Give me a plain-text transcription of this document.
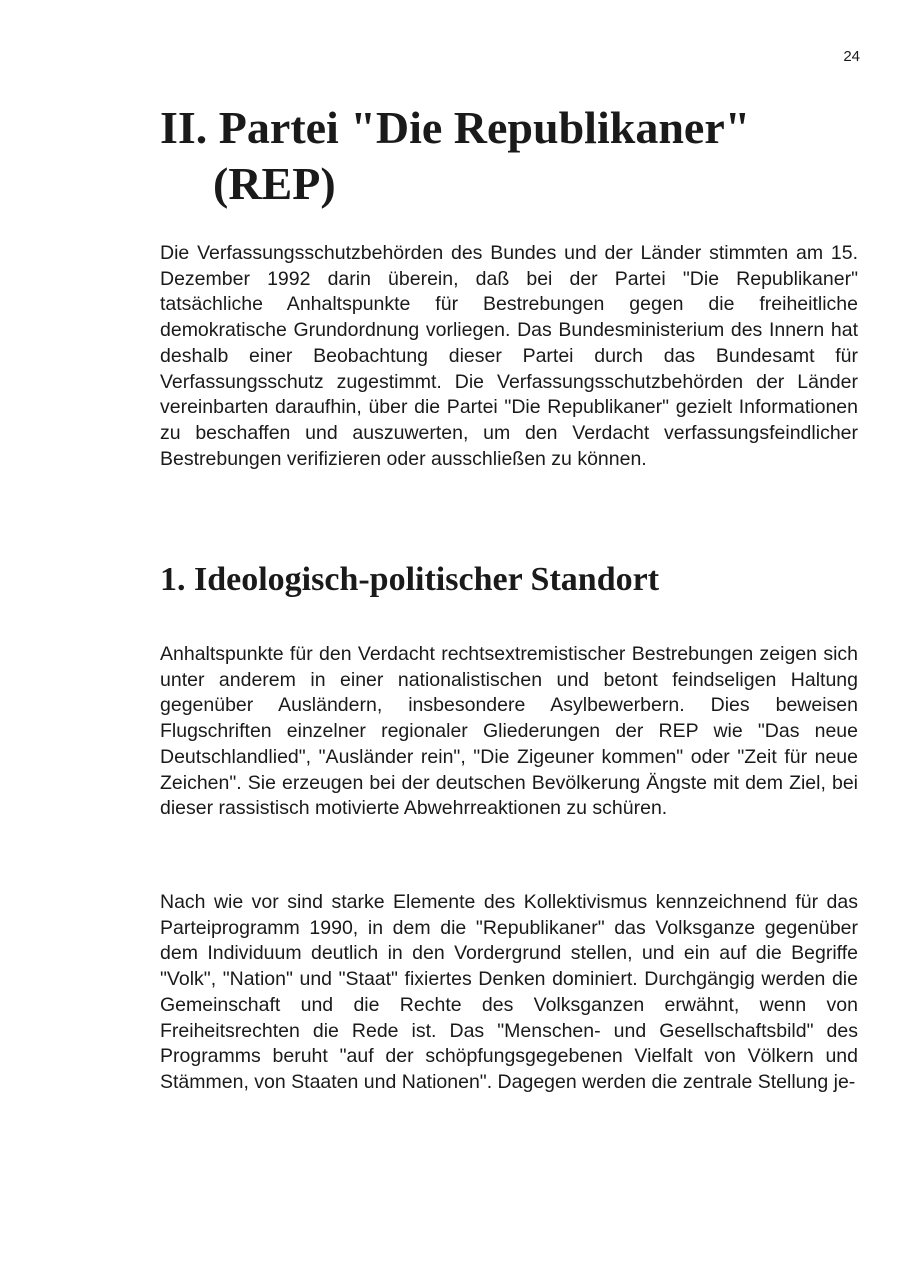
24
II. Partei "Die Republikaner"
(REP)

Die Verfassungsschutzbehörden des Bundes und der Länder stimmten am 15. Dezember 1992 darin überein, daß bei der Partei "Die Republikaner" tatsächliche Anhaltspunkte für Bestrebungen gegen die freiheitliche demokratische Grundordnung vorliegen. Das Bundesministerium des Innern hat deshalb einer Beobachtung dieser Partei durch das Bundesamt für Verfassungsschutz zugestimmt. Die Verfassungsschutzbehörden der Länder vereinbarten daraufhin, über die Partei "Die Republikaner" gezielt Informationen zu beschaffen und auszuwerten, um den Verdacht verfassungsfeindlicher Bestrebungen verifizieren oder ausschließen zu können.

1. Ideologisch-politischer Standort

Anhaltspunkte für den Verdacht rechtsextremistischer Bestrebungen zeigen sich unter anderem in einer nationalistischen und betont feindseligen Haltung gegenüber Ausländern, insbesondere Asylbewerbern. Dies beweisen Flugschriften einzelner regionaler Gliederungen der REP wie "Das neue Deutschlandlied", "Ausländer rein", "Die Zigeuner kommen" oder "Zeit für neue Zeichen". Sie erzeugen bei der deutschen Bevölkerung Ängste mit dem Ziel, bei dieser rassistisch motivierte Abwehrreaktionen zu schüren.

Nach wie vor sind starke Elemente des Kollektivismus kennzeichnend für das Parteiprogramm 1990, in dem die "Republikaner" das Volksganze gegenüber dem Individuum deutlich in den Vordergrund stellen, und ein auf die Begriffe "Volk", "Nation" und "Staat" fixiertes Denken dominiert. Durchgängig werden die Gemeinschaft und die Rechte des Volksganzen erwähnt, wenn von Freiheitsrechten die Rede ist. Das "Menschen- und Gesellschaftsbild" des Programms beruht "auf der schöpfungsgegebenen Vielfalt von Völkern und Stämmen, von Staaten und Nationen". Dagegen werden die zentrale Stellung je-
